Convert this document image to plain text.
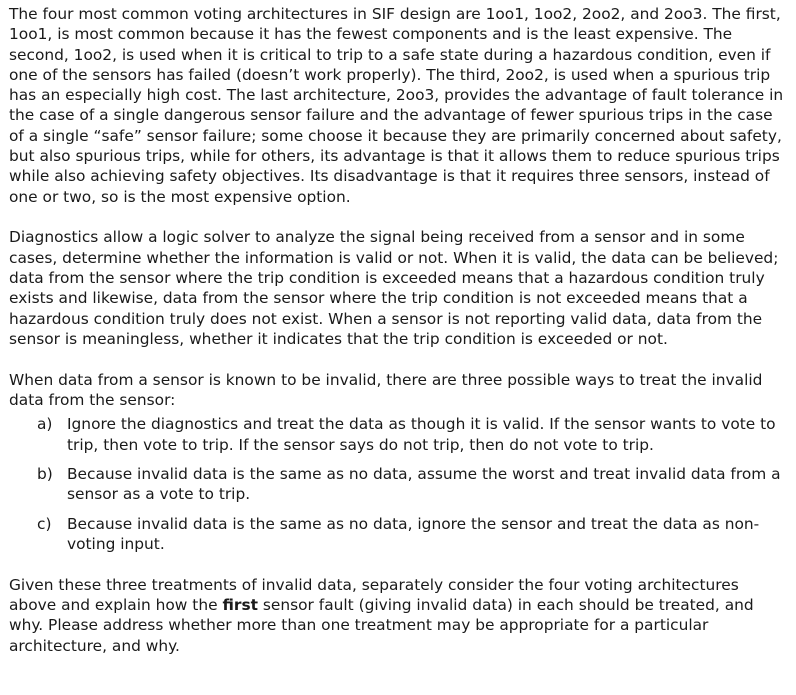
The four most common voting architectures in SIF design are 1oo1, 1oo2, 2oo2, and 2oo3. The first, 1oo1, is most common because it has the fewest components and is the least expensive. The second, 1oo2, is used when it is critical to trip to a safe state during a hazardous condition, even if one of the sensors has failed (doesn’t work properly). The third, 2oo2, is used when a spurious trip has an especially high cost. The last architecture, 2oo3, provides the advantage of fault tolerance in the case of a single dangerous sensor failure and the advantage of fewer spurious trips in the case of a single “safe” sensor failure; some choose it because they are primarily concerned about safety, but also spurious trips, while for others, its advantage is that it allows them to reduce spurious trips while also achieving safety objectives. Its disadvantage is that it requires three sensors, instead of one or two, so is the most expensive option.

Diagnostics allow a logic solver to analyze the signal being received from a sensor and in some cases, determine whether the information is valid or not. When it is valid, the data can be believed; data from the sensor where the trip condition is exceeded means that a hazardous condition truly exists and likewise, data from the sensor where the trip condition is not exceeded means that a hazardous condition truly does not exist. When a sensor is not reporting valid data, data from the sensor is meaningless, whether it indicates that the trip condition is exceeded or not.

When data from a sensor is known to be invalid, there are three possible ways to treat the invalid data from the sensor:

a) Ignore the diagnostics and treat the data as though it is valid. If the sensor wants to vote to trip, then vote to trip. If the sensor says do not trip, then do not vote to trip.
b) Because invalid data is the same as no data, assume the worst and treat invalid data from a sensor as a vote to trip.
c)	Because invalid data is the same as no data, ignore the sensor and treat the data as non-voting input.

Given these three treatments of invalid data, separately consider the four voting architectures above and explain how the first sensor fault (giving invalid data) in each should be treated, and why. Please address whether more than one treatment may be appropriate for a particular architecture, and why.
